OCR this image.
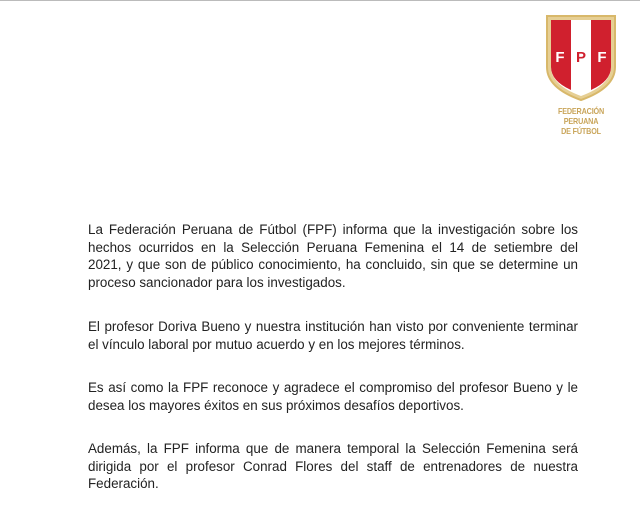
F P F
FEDERACIÓN PERUANA
DE FÚTBOL
La Federación Peruana de Fútbol (FPF) informa que la investigación sobre los
hechos ocurridos en la Selección Peruana Femenina el 14 de setiembre del
2021, y que son de público conocimiento, ha concluido, sin que se determine un
proceso sancionador para los investigados.
El profesor Doriva Bueno y nuestra institución han visto por conveniente terminar
el vínculo laboral por mutuo acuerdo y en los mejores términos.
Es así como la FPF reconoce y agradece el compromiso del profesor Bueno y le
desea los mayores éxitos en sus próximos desafíos deportivos.
Además, la FPF informa que de manera temporal la Selección Femenina será
dirigida por el profesor Conrad Flores del staff de entrenadores de nuestra
Federación.
